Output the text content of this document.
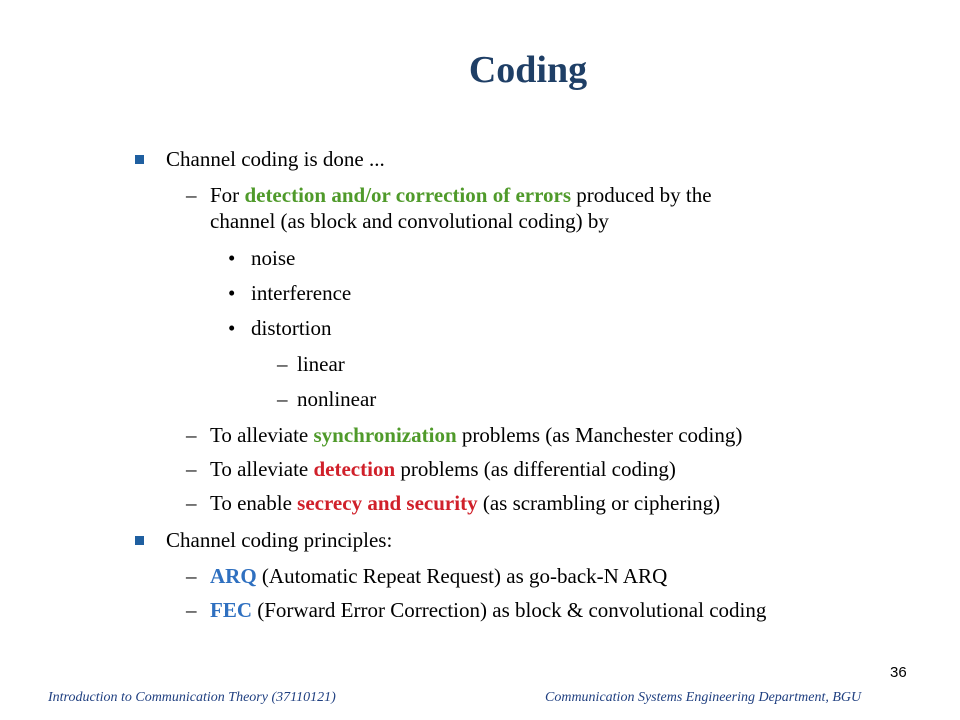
Coding
Channel coding is done ...
– For detection and/or correction of errors produced by the
channel (as block and convolutional coding) by
• noise
• interference
• distortion
– linear
– nonlinear
– To alleviate synchronization problems (as Manchester coding)
– To alleviate detection problems (as differential coding)
– To enable secrecy and security (as scrambling or ciphering)
Channel coding principles:
– ARQ (Automatic Repeat Request) as go-back-N ARQ
– FEC (Forward Error Correction) as block & convolutional coding
36
Introduction to Communication Theory (37110121)	Communication Systems Engineering Department, BGU
